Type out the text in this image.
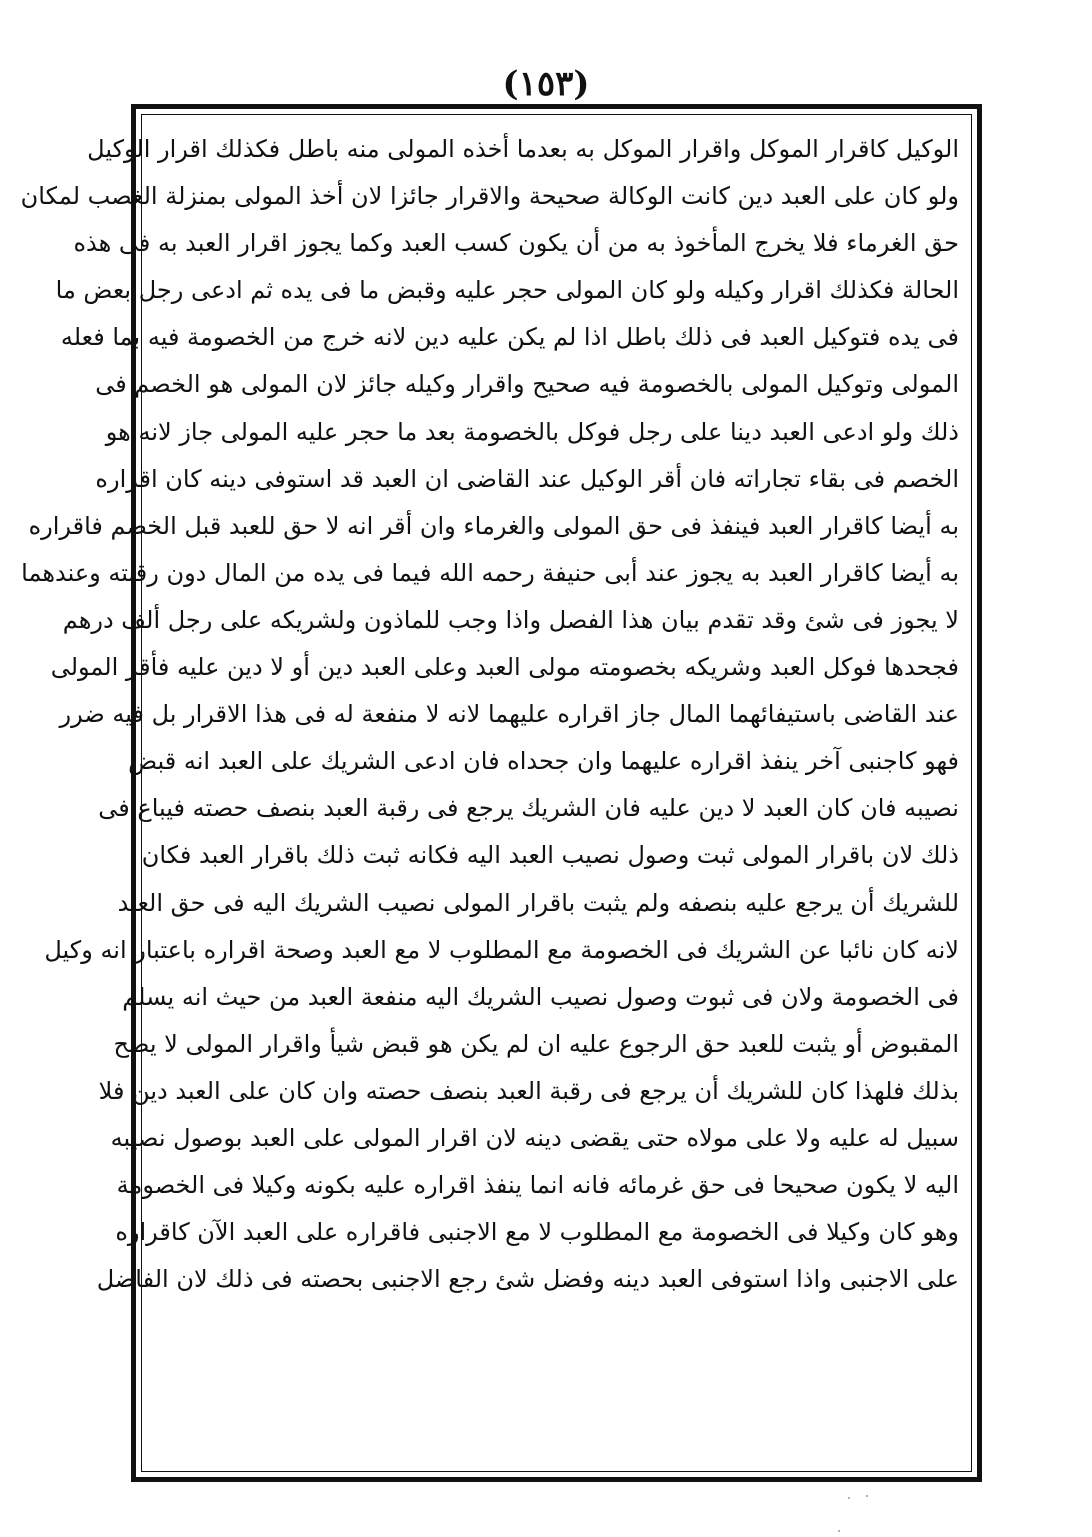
(١٥٣)
الوكيل كاقرار الموكل واقرار الموكل به بعدما أخذه المولى منه باطل فكذلك اقرار الوكيل
ولو كان على العبد دين كانت الوكالة صحيحة والاقرار جائزا لان أخذ المولى بمنزلة الغصب لمكان
حق الغرماء فلا يخرج المأخوذ به من أن يكون كسب العبد وكما يجوز اقرار العبد به فى هذه
الحالة فكذلك اقرار وكيله ولو كان المولى حجر عليه وقبض ما فى يده ثم ادعى رجل بعض ما
فى يده فتوكيل العبد فى ذلك باطل اذا لم يكن عليه دين لانه خرج من الخصومة فيه بما فعله
المولى وتوكيل المولى بالخصومة فيه صحيح واقرار وكيله جائز لان المولى هو الخصم فى
ذلك ولو ادعى العبد دينا على رجل فوكل بالخصومة بعد ما حجر عليه المولى جاز لانه هو
الخصم فى بقاء تجاراته فان أقر الوكيل عند القاضى ان العبد قد استوفى دينه كان اقراره
به أيضا كاقرار العبد فينفذ فى حق المولى والغرماء وان أقر انه لا حق للعبد قبل الخصم فاقراره
به أيضا كاقرار العبد به يجوز عند أبى حنيفة رحمه الله فيما فى يده من المال دون رقبته وعندهما
لا يجوز فى شئ وقد تقدم بيان هذا الفصل واذا وجب للماذون ولشريكه على رجل ألف درهم
فجحدها فوكل العبد وشريكه بخصومته مولى العبد وعلى العبد دين أو لا دين عليه فأقر المولى
عند القاضى باستيفائهما المال جاز اقراره عليهما لانه لا منفعة له فى هذا الاقرار بل فيه ضرر
فهو كاجنبى آخر ينفذ اقراره عليهما وان جحداه فان ادعى الشريك على العبد انه قبض
نصيبه فان كان العبد لا دين عليه فان الشريك يرجع فى رقبة العبد بنصف حصته فيباع فى
ذلك لان باقرار المولى ثبت وصول نصيب العبد اليه فكانه ثبت ذلك باقرار العبد فكان
للشريك أن يرجع عليه بنصفه ولم يثبت باقرار المولى نصيب الشريك اليه فى حق العبد
لانه كان نائبا عن الشريك فى الخصومة مع المطلوب لا مع العبد وصحة اقراره باعتبار انه وكيل
فى الخصومة ولان فى ثبوت وصول نصيب الشريك اليه منفعة العبد من حيث انه يسلم
المقبوض أو يثبت للعبد حق الرجوع عليه ان لم يكن هو قبض شيأ واقرار المولى لا يصح
بذلك فلهذا كان للشريك أن يرجع فى رقبة العبد بنصف حصته وان كان على العبد دين فلا
سبيل له عليه ولا على مولاه حتى يقضى دينه لان اقرار المولى على العبد بوصول نصيبه
اليه لا يكون صحيحا فى حق غرمائه فانه انما ينفذ اقراره عليه بكونه وكيلا فى الخصومة
وهو كان وكيلا فى الخصومة مع المطلوب لا مع الاجنبى فاقراره على العبد الآن كاقراره
على الاجنبى واذا استوفى العبد دينه وفضل شئ رجع الاجنبى بحصته فى ذلك لان الفاضل
